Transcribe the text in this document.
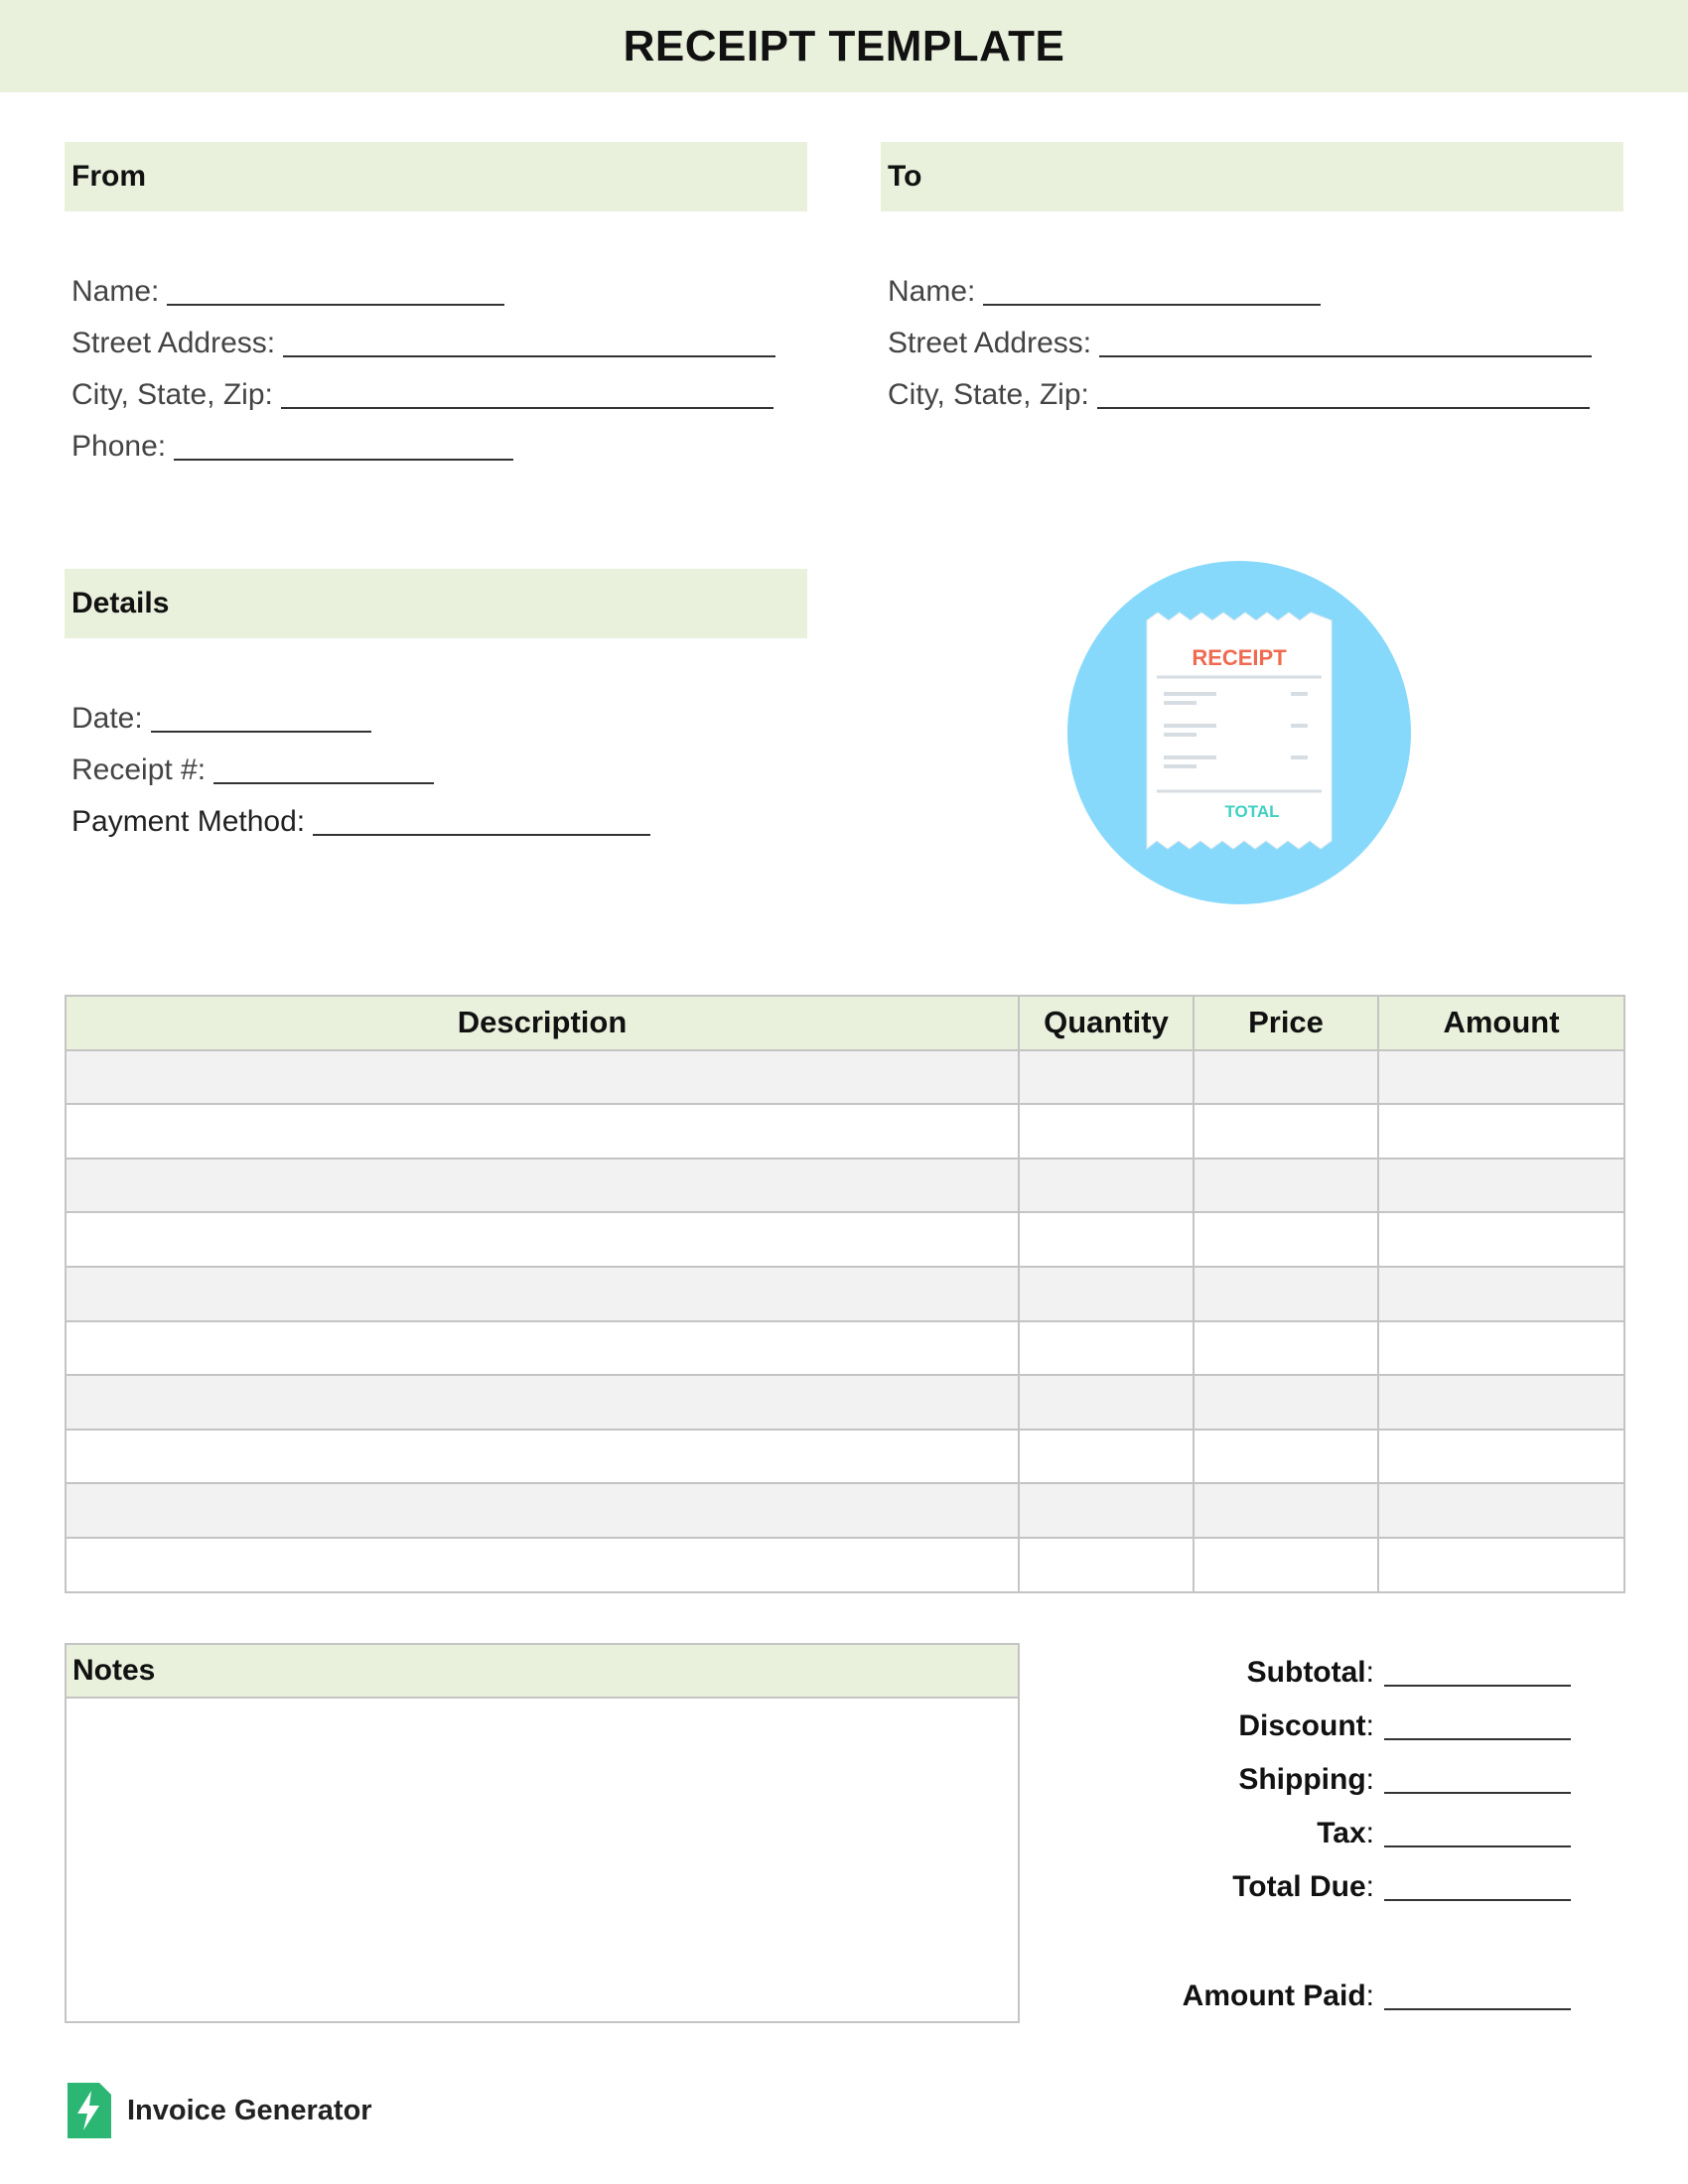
RECEIPT TEMPLATE
From
Name:
Street Address:
City, State, Zip:
Phone:
To
Name:
Street Address:
City, State, Zip:
Details
Date:
Receipt #:
Payment Method:
RECEIPT
TOTAL
Description	Quantity	Price	Amount

Notes	Subtotal:
Discount:
Shipping:
Tax:
Total Due:
Amount Paid:
Invoice Generator
